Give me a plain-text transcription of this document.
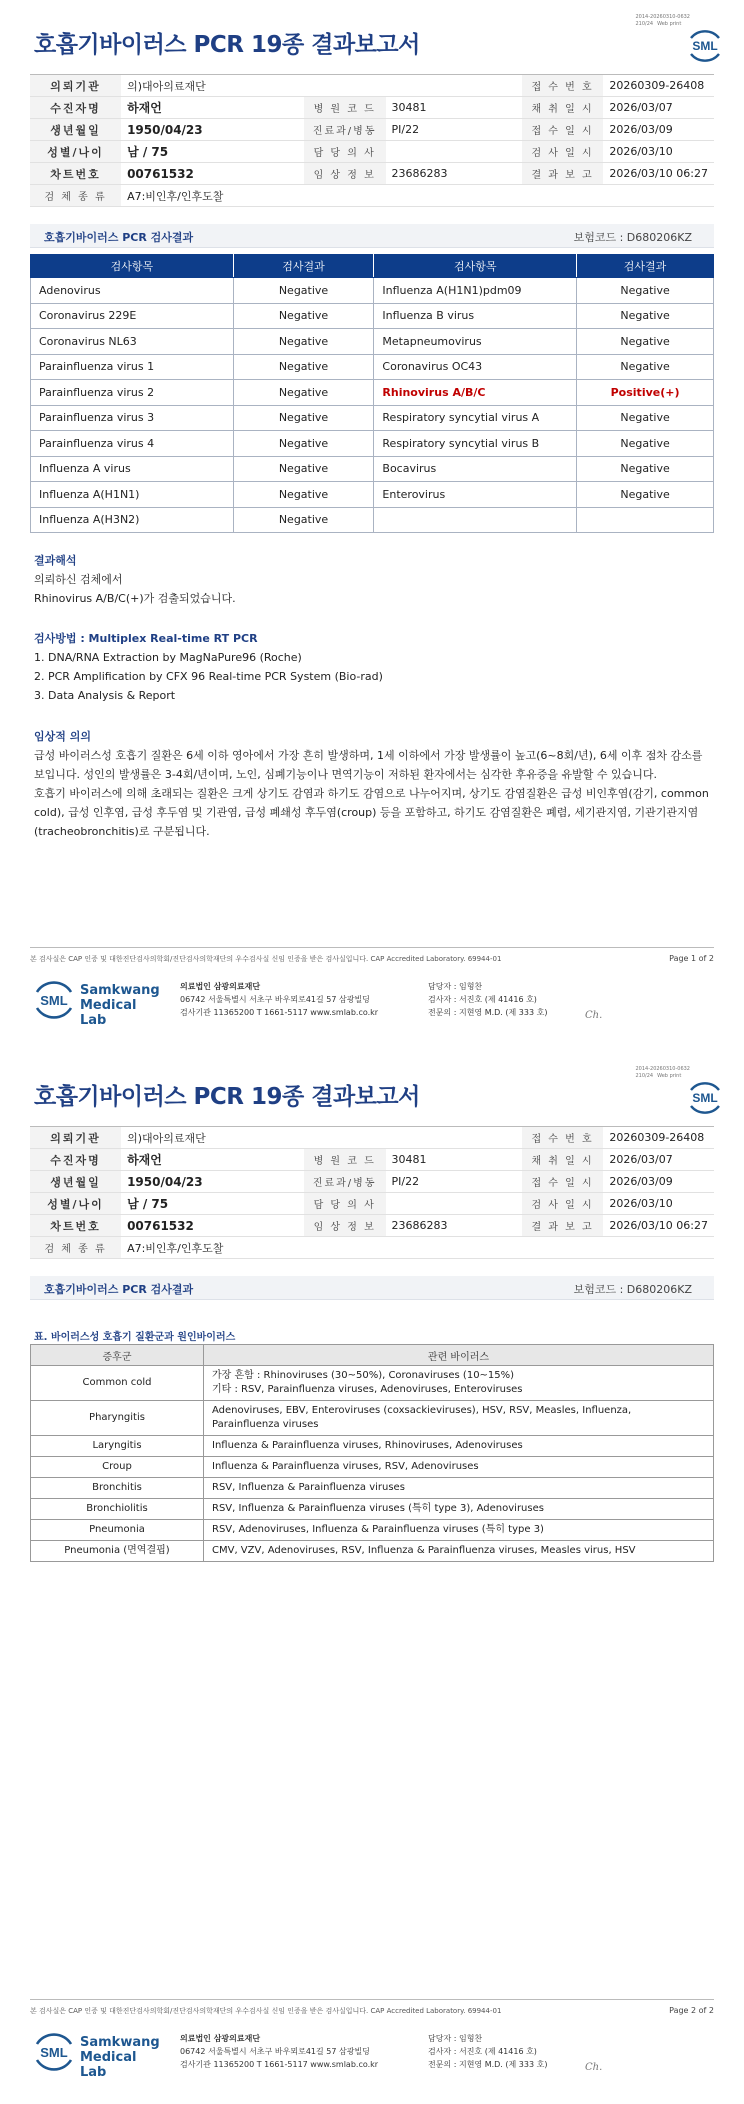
2014-20260310-0632
210/24 Web print
SML
호흡기바이러스 PCR 19종 결과보고서
의뢰기관	의)대아의료재단			접 수 번 호	20260309-26408
수진자명	하재언	병 원 코 드	30481	채 취 일 시	2026/03/07
생년월일	1950/04/23	진료과/병동	PI/22	접 수 일 시	2026/03/09
성별/나이	남 / 75	담 당 의 사		검 사 일 시	2026/03/10
차트번호	00761532	임 상 정 보	23686283	결 과 보 고	2026/03/10 06:27
검 체 종 류	A7:비인후/인후도찰				
호흡기바이러스 PCR 검사결과	보험코드 : D680206KZ
검사항목	검사결과	검사항목	검사결과
Adenovirus	Negative	Influenza A(H1N1)pdm09	Negative
Coronavirus 229E	Negative	Influenza B virus	Negative
Coronavirus NL63	Negative	Metapneumovirus	Negative
Parainfluenza virus 1	Negative	Coronavirus OC43	Negative
Parainfluenza virus 2	Negative	Rhinovirus A/B/C	Positive(+)
Parainfluenza virus 3	Negative	Respiratory syncytial virus A	Negative
Parainfluenza virus 4	Negative	Respiratory syncytial virus B	Negative
Influenza A virus	Negative	Bocavirus	Negative
Influenza A(H1N1)	Negative	Enterovirus	Negative
Influenza A(H3N2)	Negative		
결과해석
의뢰하신 검체에서
Rhinovirus A/B/C(+)가 검출되었습니다.
검사방법 : Multiplex Real-time RT PCR
1. DNA/RNA Extraction by MagNaPure96 (Roche)
2. PCR Amplification by CFX 96 Real-time PCR System (Bio-rad)
3. Data Analysis & Report
임상적 의의
급성 바이러스성 호흡기 질환은 6세 이하 영아에서 가장 흔히 발생하며, 1세 이하에서 가장 발생률이 높고(6~8회/년), 6세 이후 점차 감소를 보입니다. 성인의 발생률은 3-4회/년이며, 노인, 심폐기능이나 면역기능이 저하된 환자에서는 심각한 후유증을 유발할 수 있습니다.
호흡기 바이러스에 의해 초래되는 질환은 크게 상기도 감염과 하기도 감염으로 나누어지며, 상기도 감염질환은 급성 비인후염(감기, common cold), 급성 인후염, 급성 후두염 및 기관염, 급성 폐쇄성 후두염(croup) 등을 포함하고, 하기도 감염질환은 폐렴, 세기관지염, 기관기관지염(tracheobronchitis)로 구분됩니다.
본 검사실은 CAP 인증 및 대한진단검사의학회/진단검사의학재단의 우수검사실 신임 인증을 받은 검사실입니다. CAP Accredited Laboratory. 69944-01	Page 1 of 2
SML
Samkwang
Medical Lab
의료법인 삼광의료재단
06742 서울특별시 서초구 바우뫼로41길 57 삼광빌딩
검사기관 11365200 T 1661-5117 www.smlab.co.kr
담당자 : 임형찬
검사자 : 서진호 (제 41416 호)
전문의 : 지현영 M.D. (제 333 호)	Ch.
2014-20260310-0632
210/24 Web print
SML
호흡기바이러스 PCR 19종 결과보고서
의뢰기관	의)대아의료재단			접 수 번 호	20260309-26408
수진자명	하재언	병 원 코 드	30481	채 취 일 시	2026/03/07
생년월일	1950/04/23	진료과/병동	PI/22	접 수 일 시	2026/03/09
성별/나이	남 / 75	담 당 의 사		검 사 일 시	2026/03/10
차트번호	00761532	임 상 정 보	23686283	결 과 보 고	2026/03/10 06:27
검 체 종 류	A7:비인후/인후도찰				
호흡기바이러스 PCR 검사결과	보험코드 : D680206KZ
표. 바이러스성 호흡기 질환군과 원인바이러스
증후군	관련 바이러스
Common cold	가장 흔함 : Rhinoviruses (30~50%), Coronaviruses (10~15%)
기타 : RSV, Parainfluenza viruses, Adenoviruses, Enteroviruses

Pharyngitis	Adenoviruses, EBV, Enteroviruses (coxsackieviruses), HSV, RSV, Measles, Influenza,
Parainfluenza viruses

Laryngitis	Influenza & Parainfluenza viruses, Rhinoviruses, Adenoviruses

Croup	Influenza & Parainfluenza viruses, RSV, Adenoviruses

Bronchitis	RSV, Influenza & Parainfluenza viruses

Bronchiolitis	RSV, Influenza & Parainfluenza viruses (특히 type 3), Adenoviruses

Pneumonia	RSV, Adenoviruses, Influenza & Parainfluenza viruses (특히 type 3)

Pneumonia (면역결핍)	CMV, VZV, Adenoviruses, RSV, Influenza & Parainfluenza viruses, Measles virus, HSV
본 검사실은 CAP 인증 및 대한진단검사의학회/진단검사의학재단의 우수검사실 신임 인증을 받은 검사실입니다. CAP Accredited Laboratory. 69944-01	Page 2 of 2
SML
Samkwang
Medical Lab
의료법인 삼광의료재단
06742 서울특별시 서초구 바우뫼로41길 57 삼광빌딩
검사기관 11365200 T 1661-5117 www.smlab.co.kr
담당자 : 임형찬
검사자 : 서진호 (제 41416 호)
전문의 : 지현영 M.D. (제 333 호)	Ch.
